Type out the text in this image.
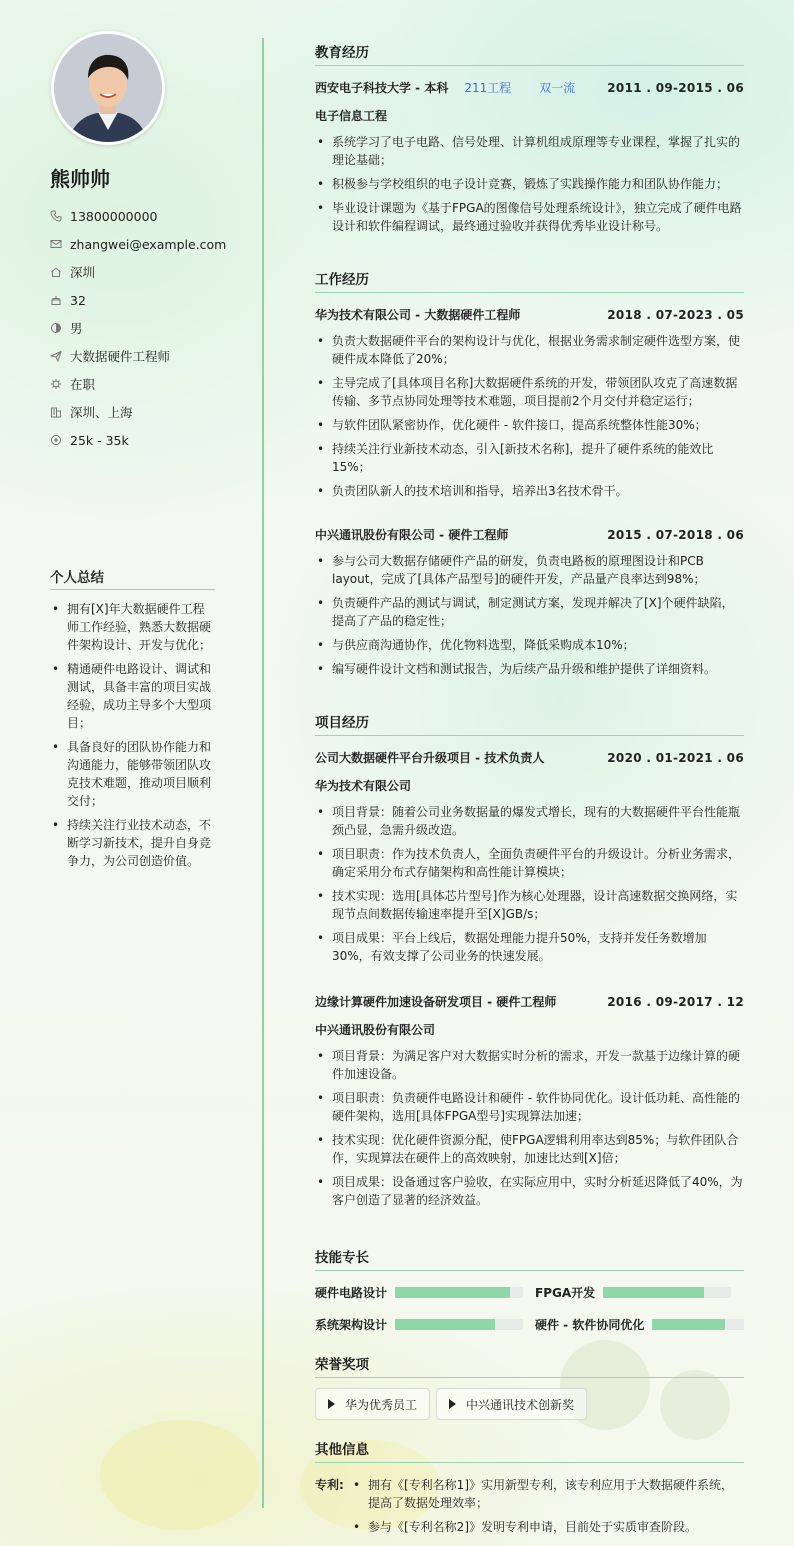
熊帅帅
13800000000
zhangwei@example.com
深圳
32
男
大数据硬件工程师
在职
深圳、上海
25k - 35k
个人总结
• 拥有[X]年大数据硬件工程师工作经验，熟悉大数据硬件架构设计、开发与优化；
• 精通硬件电路设计、调试和测试，具备丰富的项目实战经验，成功主导多个大型项目；
• 具备良好的团队协作能力和沟通能力，能够带领团队攻克技术难题，推动项目顺利交付；
• 持续关注行业技术动态，不断学习新技术，提升自身竞争力，为公司创造价值。
教育经历
西安电子科技大学 - 本科 211工程 双一流	2011 . 09-2015 . 06
电子信息工程
• 系统学习了电子电路、信号处理、计算机组成原理等专业课程，掌握了扎实的理论基础；
• 积极参与学校组织的电子设计竞赛，锻炼了实践操作能力和团队协作能力；
• 毕业设计课题为《基于FPGA的图像信号处理系统设计》，独立完成了硬件电路设计和软件编程调试，最终通过验收并获得优秀毕业设计称号。
工作经历
华为技术有限公司 - 大数据硬件工程师	2018 . 07-2023 . 05
• 负责大数据硬件平台的架构设计与优化，根据业务需求制定硬件选型方案，使硬件成本降低了20%；
• 主导完成了[具体项目名称]大数据硬件系统的开发，带领团队攻克了高速数据传输、多节点协同处理等技术难题，项目提前2个月交付并稳定运行；
• 与软件团队紧密协作，优化硬件 - 软件接口，提高系统整体性能30%；
• 持续关注行业新技术动态，引入[新技术名称]，提升了硬件系统的能效比15%；
• 负责团队新人的技术培训和指导，培养出3名技术骨干。
中兴通讯股份有限公司 - 硬件工程师	2015 . 07-2018 . 06
• 参与公司大数据存储硬件产品的研发，负责电路板的原理图设计和PCB layout，完成了[具体产品型号]的硬件开发，产品量产良率达到98%；
• 负责硬件产品的测试与调试，制定测试方案，发现并解决了[X]个硬件缺陷，提高了产品的稳定性；
• 与供应商沟通协作，优化物料选型，降低采购成本10%；
• 编写硬件设计文档和测试报告，为后续产品升级和维护提供了详细资料。
项目经历
公司大数据硬件平台升级项目 - 技术负责人	2020 . 01-2021 . 06
华为技术有限公司
• 项目背景：随着公司业务数据量的爆发式增长，现有的大数据硬件平台性能瓶颈凸显，急需升级改造。
• 项目职责：作为技术负责人，全面负责硬件平台的升级设计。分析业务需求，确定采用分布式存储架构和高性能计算模块；
• 技术实现：选用[具体芯片型号]作为核心处理器，设计高速数据交换网络，实现节点间数据传输速率提升至[X]GB/s；
• 项目成果：平台上线后，数据处理能力提升50%，支持并发任务数增加30%，有效支撑了公司业务的快速发展。
边缘计算硬件加速设备研发项目 - 硬件工程师	2016 . 09-2017 . 12
中兴通讯股份有限公司
• 项目背景：为满足客户对大数据实时分析的需求，开发一款基于边缘计算的硬件加速设备。
• 项目职责：负责硬件电路设计和硬件 - 软件协同优化。设计低功耗、高性能的硬件架构，选用[具体FPGA型号]实现算法加速；
• 技术实现：优化硬件资源分配，使FPGA逻辑利用率达到85%；与软件团队合作，实现算法在硬件上的高效映射，加速比达到[X]倍；
• 项目成果：设备通过客户验收，在实际应用中，实时分析延迟降低了40%，为客户创造了显著的经济效益。
技能专长
硬件电路设计	FPGA开发
系统架构设计	硬件 - 软件协同优化
荣誉奖项
华为优秀员工	中兴通讯技术创新奖
其他信息
专利:
•	拥有《[专利名称1]》实用新型专利，该专利应用于大数据硬件系统，提高了数据处理效率；
• 参与《[专利名称2]》发明专利申请，目前处于实质审查阶段。
